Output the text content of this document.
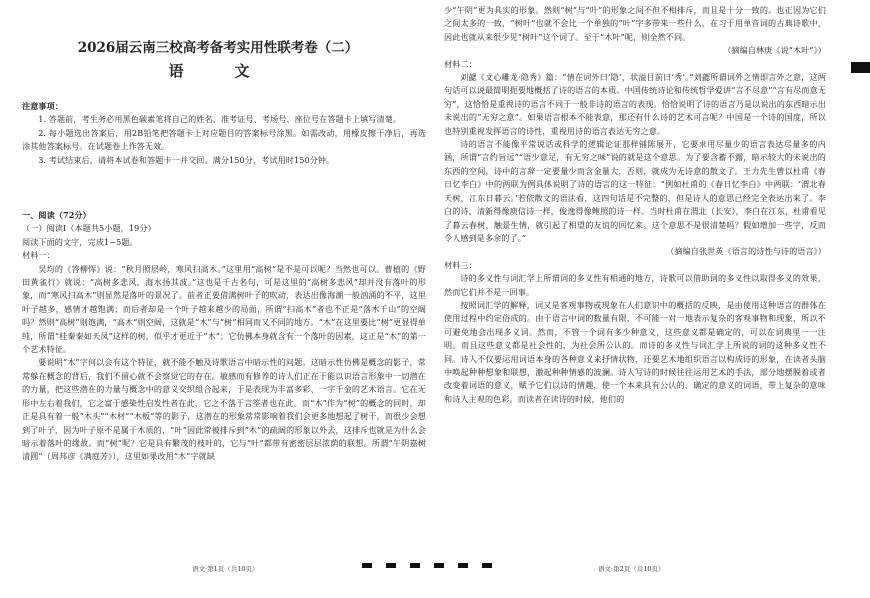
2026届云南三校高考备考实用性联考卷（二）
语　文

注意事项：

1. 答题前，考生务必用黑色碳素笔将自己的姓名、准考证号、考场号、座位号在答题卡上填写清楚。

2. 每小题选出答案后，用2B铅笔把答题卡上对应题目的答案标号涂黑。如需改动，用橡皮擦干净后，再选涂其他答案标号。在试题卷上作答无效。

3. 考试结束后，请将本试卷和答题卡一并交回。满分150分，考试用时150分钟。

一、阅读（72分）

（一）阅读Ⅰ（本题共5小题，19分）

阅读下面的文字，完成1~5题。

材料一：

吴均的《答柳恽》说：“秋月照层岭，寒风扫高木。”这里用“高树”是不是可以呢？当然也可以。曹植的《野田黄雀行》就说：“高树多悲风，海水扬其波。”这也是千古名句，可是这里的“高树多悲风”却并没有落叶的形象，而“寒风扫高木”则显然是落叶的景况了。前者正要借满树叶子的吹动，表达出像海潮一般汹涌的不平，这里叶子越多，感情才越饱满；而后者却是一个叶子越来越少的局面，所谓“扫高木”者也不正是“落木千山”的空阔吗？然则“高树”则饱满，“高木”则空阔，这就是“木”与“树”相同而又不同的地方。“木”在这里要比“树”更显得单纯，所谓“桂秦秦如天凤”这样的树，似乎才更近于“木”；它仿佛本身就含有一个落叶的因素，这正是“木”的第一个艺术特征。

要说明“木”字何以会有这个特征，就不能不触及诗歌语言中暗示性的问题。这暗示性仿佛是概念的影子，常常躲在概念的背后，我们不留心就不会察觉它的存在。敏感而有修养的诗人们正在于能以识语言形象中一切潜在的力量，把这些潜在的力量与概念中的意义交织组合起来，于是表现为丰富多彩、一字千金的艺术语言。它在无形中左右着我们，它之富于感染性启发性者在此，它之不落于言筌者也在此。而“木”作为“树”的概念的同时，却正是具有着一般“木头”“木材”“木板”等的影子，这潜在的形象常常影响着我们会更多地想起了树干，而很少会想到了叶子，因为叶子原不是属于木质的，“叶”因此常被排斥到“木”的疏阔的形象以外去，这排斥也就是为什么会暗示着落叶的缘故。而“树”呢？它是具有繁茂的枝叶的，它与“叶”都带有密密层层浓荫的联想。所谓“午阴嘉树清圆”（周邦彦《满庭芳》），这里如果改用“木”字就缺

少“午阴”更为具实的形象。然则“树”与“叶”的形象之间不但不相排斥，而且是十分一致的。也正因为它们之间太多的一致，“树叶”也就不会比一个单独的“叶”字多带来一些什么，在习于用单音词的古典诗歌中，因此也就从来很少见“树叶”这个词了。至于“木叶”呢，则全然不同。

（摘编自林庚《说“木叶”》）

材料二：

刘勰《文心雕龙·隐秀》篇：“情在词外曰‘隐’，状溢目前曰‘秀’。”刘勰所谓词外之情即言外之意，这两句话可以说最简明扼要地概括了诗的语言的本质。中国传统诗论和传统哲学爱讲“言不尽意”“言有尽而意无穷”，这恰恰是重视诗的语言不同于一般非诗的语言的表现。恰恰说明了诗的语言乃是以说出的东西暗示出未说出的“无穷之意”。如果语言根本不能表意，那还有什么诗的艺术可言呢？中国是一个诗的国度，所以也特别重视发挥语言的诗性，重视用诗的语言表达无穷之意。

诗的语言不能像平常说话或科学的逻辑论证那样铺陈展开，它要求用尽量少的语言表达尽量多的内涵，所谓“言约旨远”“语少意足，有无穷之味”说的就是这个意思。为了要含蓄不露，暗示较大的未说出的东西的空间，诗中的言辞一定要量少而含金量大，否则，就成为无诗意的散文了。王力先生曾以杜甫《春日忆李白》中的两联为例具体说明了诗的语言的这一特征：“例如杜甫的《春日忆李白》中两联：‘渭北春天树，江东日暮云。’若依散文的语法看，这四句话是不完整的，但是诗人的意思已经完全表达出来了。李白的诗，清新得像庾信诗一样，俊逸得像鲍照的诗一样。当时杜甫在渭北（长安），李白在江东，杜甫看见了暮云春树，触景生情，就引起了相望的友谊的回忆来。这个意思不是很清楚吗？假如增加一些字，反而令人感到是多余的了。”

（摘编自张世英《语言的诗性与诗的语言》）

材料三：

诗的多义性与词汇学上所谓词的多义性有相通的地方，诗歌可以借助词的多义性以取得多义的效果，然而它们并不是一回事。

按照词汇学的解释，词又是客观事物或现象在人们意识中的概括的反映，是由使用这种语言的群体在使用过程中约定俗成的。由于语言中词的数量有限，不可能一对一地表示复杂的客观事物和现象，所以不可避免地会出现多义词。然而，不管一个词有多少种意义，这些意义都是确定的，可以在词典里一一注明。而且这些意义都是社会性的，为社会所公认的。而诗的多义性与词汇学上所说的词的这种多义性不同。诗人不仅要运用词语本身的各种意义来抒情状物，还要艺术地组织语言以构成诗的形象，在读者头脑中唤起种种想象和联想，激起种种情感的波澜。诗人写诗的时候往往运用艺术的手法，部分地摆脱着或者改变着词语的意义，赋予它们以诗的情趣，使一个本来具有公认的、确定的意义的词语，带上复杂的意味和诗人主观的色彩。而读者在读诗的时候，他们的

语文·第1页（共10页）	语文·第2页（共10页）
